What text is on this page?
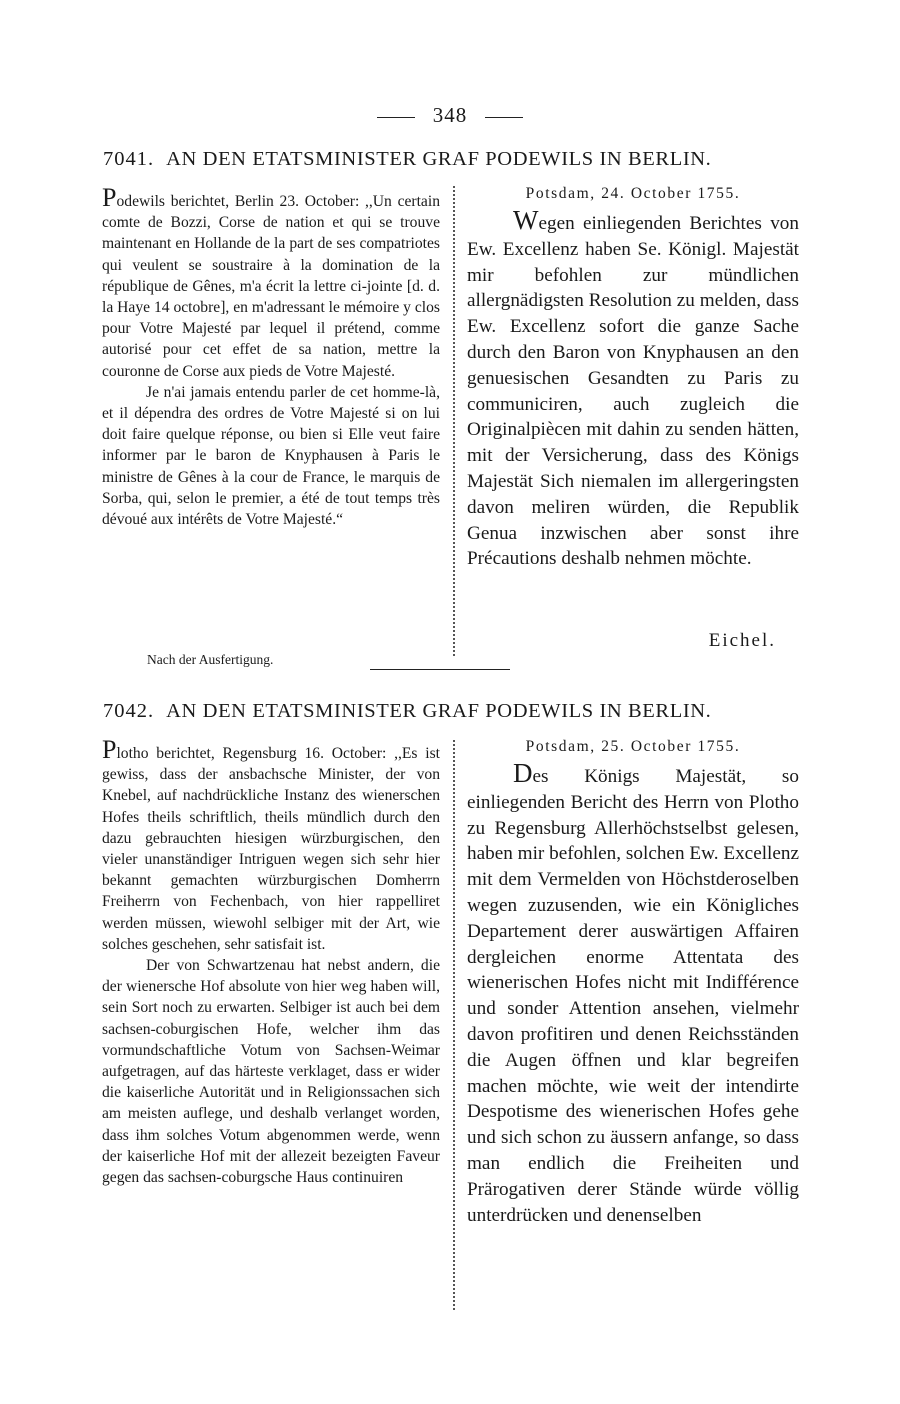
348
7041. AN DEN ETATSMINISTER GRAF PODEWILS IN BERLIN.

Podewils berichtet, Berlin 23. October: ,,Un certain comte de Bozzi, Corse de nation et qui se trouve maintenant en Hollande de la part de ses compatriotes qui veulent se soustraire à la domination de la république de Gênes, m'a écrit la lettre ci-jointe [d. d. la Haye 14 octobre], en m'adressant le mémoire y clos pour Votre Majesté par lequel il prétend, comme autorisé pour cet effet de sa nation, mettre la couronne de Corse aux pieds de Votre Majesté.

Je n'ai jamais entendu parler de cet homme-là, et il dépendra des ordres de Votre Majesté si on lui doit faire quelque réponse, ou bien si Elle veut faire informer par le baron de Knyphausen à Paris le ministre de Gênes à la cour de France, le marquis de Sorba, qui, selon le premier, a été de tout temps très dévoué aux intérêts de Votre Majesté.“

Potsdam, 24. October 1755.

Wegen einliegenden Berichtes von Ew. Excellenz haben Se. Königl. Majestät mir befohlen zur mündlichen allergnädigsten Resolution zu melden, dass Ew. Excellenz sofort die ganze Sache durch den Baron von Knyphausen an den genuesischen Gesandten zu Paris zu communiciren, auch zugleich die Originalpiècen mit dahin zu senden hätten, mit der Versicherung, dass des Königs Majestät Sich niemalen im allergeringsten davon meliren würden, die Republik Genua inzwischen aber sonst ihre Précautions deshalb nehmen möchte.

Eichel.
Nach der Ausfertigung.
7042. AN DEN ETATSMINISTER GRAF PODEWILS IN BERLIN.

Plotho berichtet, Regensburg 16. October: ,,Es ist gewiss, dass der ansbachsche Minister, der von Knebel, auf nachdrückliche Instanz des wienerschen Hofes theils schriftlich, theils mündlich durch den dazu gebrauchten hiesigen würzburgischen, den vieler unanständiger Intriguen wegen sich sehr hier bekannt gemachten würzburgischen Domherrn Freiherrn von Fechenbach, von hier rappelliret werden müssen, wiewohl selbiger mit der Art, wie solches geschehen, sehr satisfait ist.

Der von Schwartzenau hat nebst andern, die der wienersche Hof absolute von hier weg haben will, sein Sort noch zu erwarten. Selbiger ist auch bei dem sachsen-coburgischen Hofe, welcher ihm das vormundschaftliche Votum von Sachsen-Weimar aufgetragen, auf das härteste verklaget, dass er wider die kaiserliche Autorität und in Religionssachen sich am meisten auflege, und deshalb verlanget worden, dass ihm solches Votum abgenommen werde, wenn der kaiserliche Hof mit der allezeit bezeigten Faveur gegen das sachsen-coburgsche Haus continuiren

Potsdam, 25. October 1755.

Des Königs Majestät, so einliegenden Bericht des Herrn von Plotho zu Regensburg Allerhöchstselbst gelesen, haben mir befohlen, solchen Ew. Excellenz mit dem Vermelden von Höchstderoselben wegen zuzusenden, wie ein Königliches Departement derer auswärtigen Affairen dergleichen enorme Attentata des wienerischen Hofes nicht mit Indifférence und sonder Attention ansehen, vielmehr davon profitiren und denen Reichsständen die Augen öffnen und klar begreifen machen möchte, wie weit der intendirte Despotisme des wienerischen Hofes gehe und sich schon zu äussern anfange, so dass man endlich die Freiheiten und Prärogativen derer Stände würde völlig unterdrücken und denenselben
